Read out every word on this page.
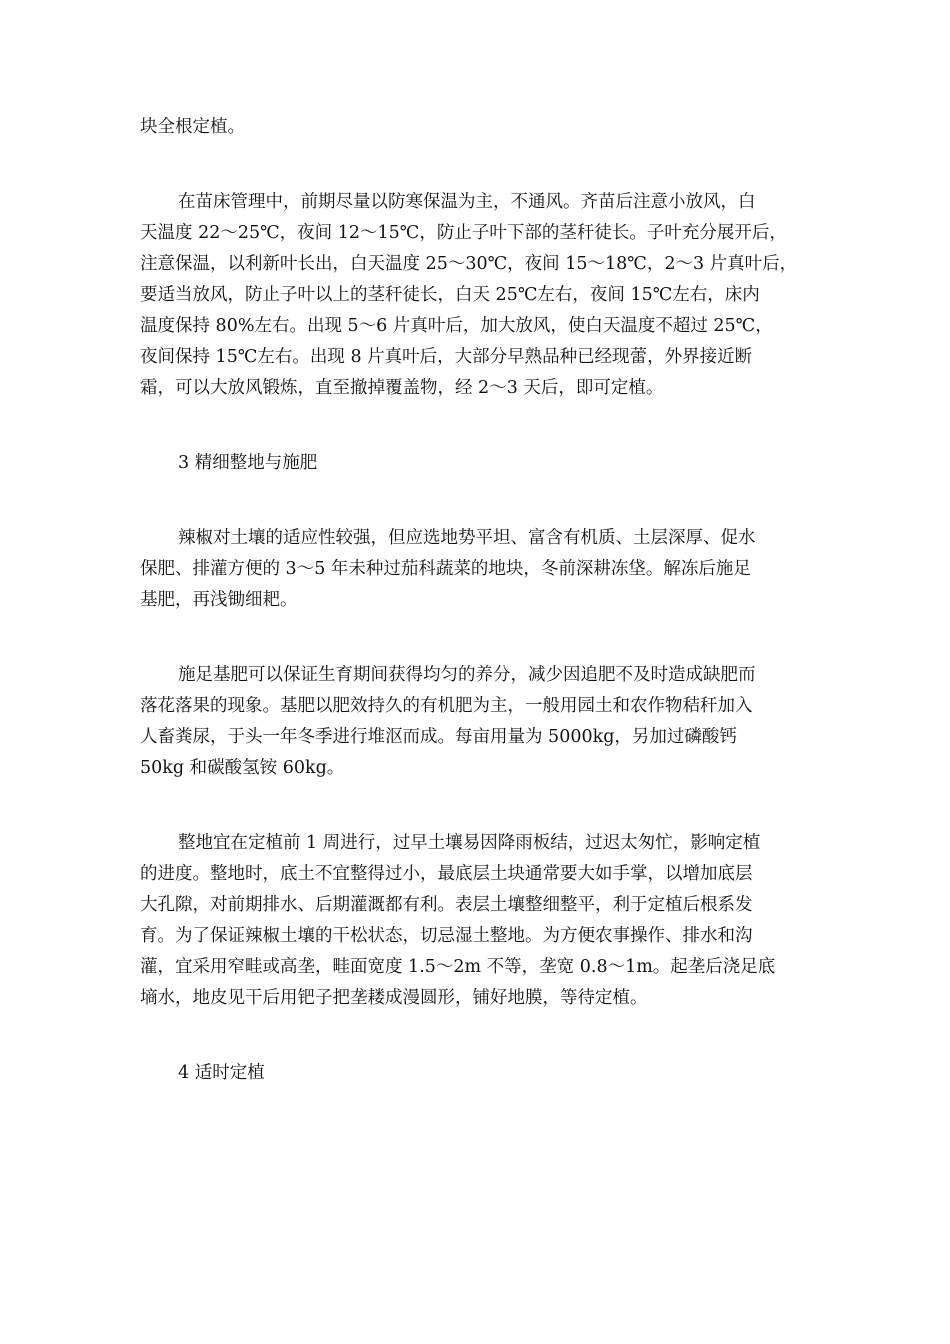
块全根定植。
在苗床管理中，前期尽量以防寒保温为主，不通风。齐苗后注意小放风，白
天温度 22～25℃，夜间 12～15℃，防止子叶下部的茎秆徒长。子叶充分展开后，
注意保温，以利新叶长出，白天温度 25～30℃，夜间 15～18℃，2～3 片真叶后，
要适当放风，防止子叶以上的茎秆徒长，白天 25℃左右，夜间 15℃左右，床内
温度保持 80%左右。出现 5～6 片真叶后，加大放风，使白天温度不超过 25℃，
夜间保持 15℃左右。出现 8 片真叶后，大部分早熟品种已经现蕾，外界接近断
霜，可以大放风锻炼，直至撤掉覆盖物，经 2～3 天后，即可定植。
3 精细整地与施肥
辣椒对土壤的适应性较强，但应选地势平坦、富含有机质、土层深厚、促水
保肥、排灌方便的 3～5 年未种过茄科蔬菜的地块，冬前深耕冻垡。解冻后施足
基肥，再浅锄细耙。
施足基肥可以保证生育期间获得均匀的养分，减少因追肥不及时造成缺肥而
落花落果的现象。基肥以肥效持久的有机肥为主，一般用园土和农作物秸秆加入
人畜粪尿，于头一年冬季进行堆沤而成。每亩用量为 5000kg，另加过磷酸钙
50kg 和碳酸氢铵 60kg。
整地宜在定植前 1 周进行，过早土壤易因降雨板结，过迟太匆忙，影响定植
的进度。整地时，底土不宜整得过小，最底层土块通常要大如手掌，以增加底层
大孔隙，对前期排水、后期灌溉都有利。表层土壤整细整平，利于定植后根系发
育。为了保证辣椒土壤的干松状态，切忌湿土整地。为方便农事操作、排水和沟
灌，宜采用窄畦或高垄，畦面宽度 1.5～2m 不等，垄宽 0.8～1m。起垄后浇足底
墒水，地皮见干后用钯子把垄耧成漫圆形，铺好地膜，等待定植。
4 适时定植
